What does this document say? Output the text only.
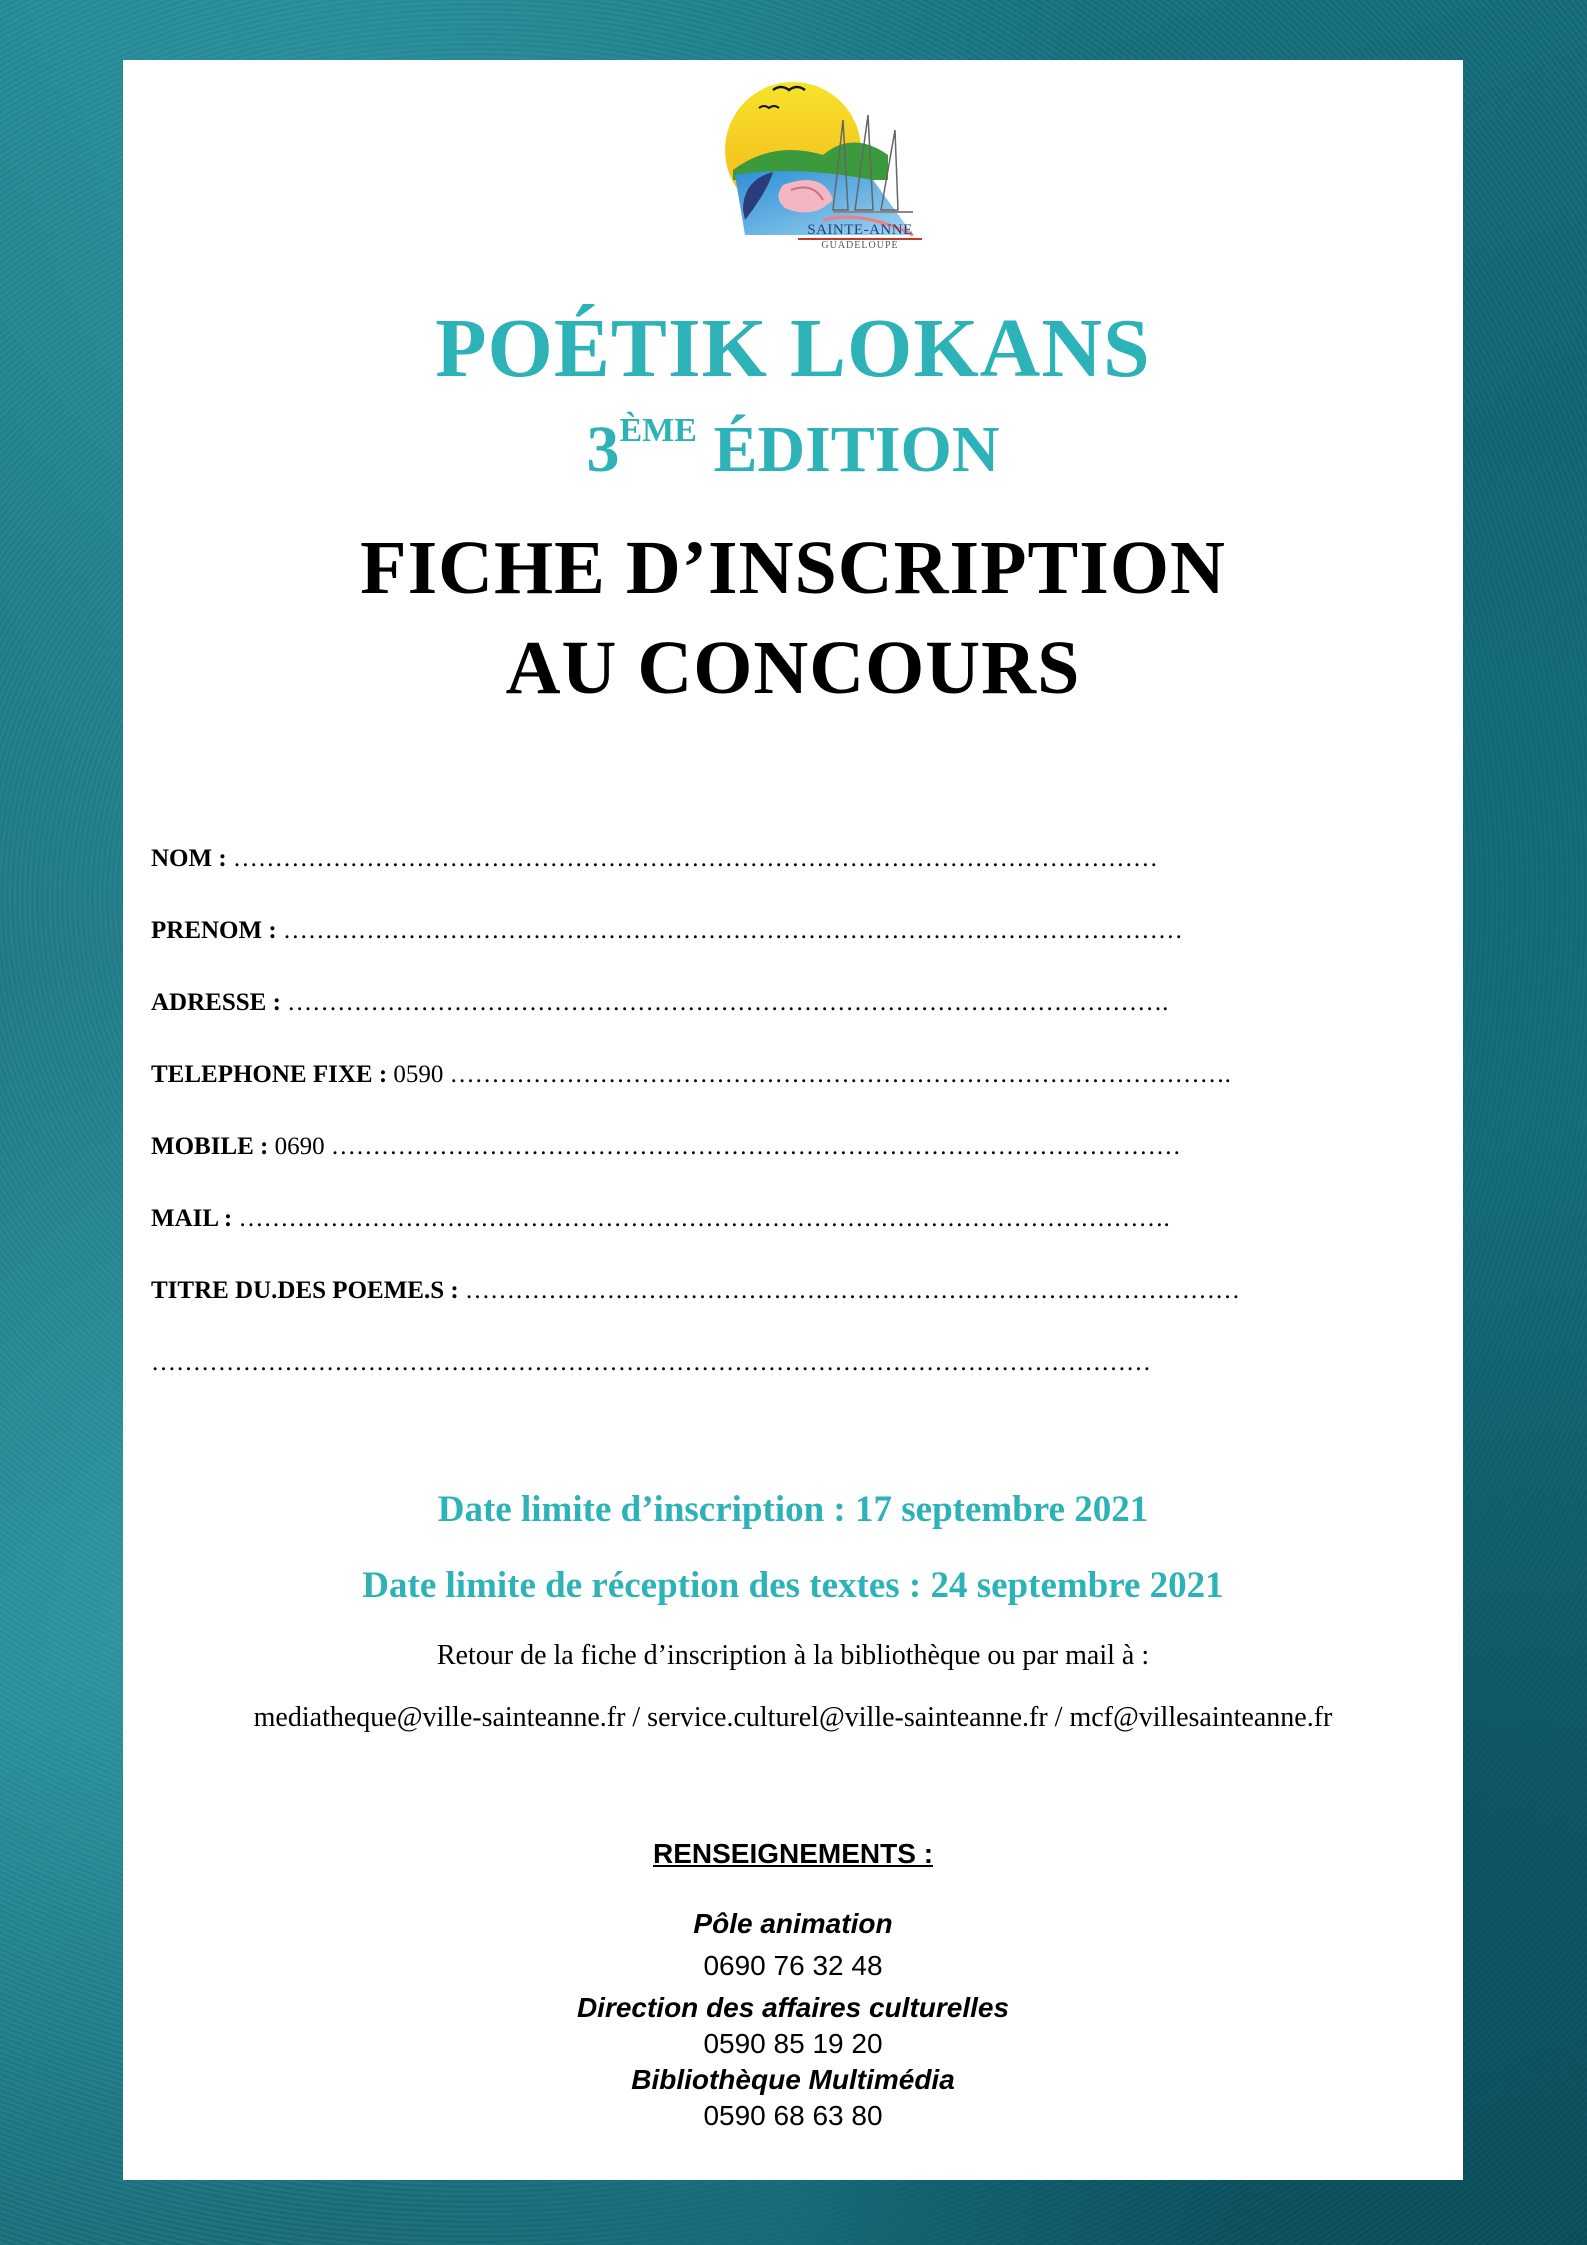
SAINTE-ANNE
GUADELOUPE
POÉTIK LOKANS
3ÈME ÉDITION
FICHE D’INSCRIPTION
AU CONCOURS
NOM : …………………………………………………………………………………………………
PRENOM : ………………………………………………………………………………………………
ADRESSE : …………………………………………………………………………………………….
TELEPHONE FIXE : 0590 ………………………………………………………………………………….
MOBILE : 0690 …………………………………………………………………………………………
MAIL : ………………………………………………………………………………………………….
TITRE DU.DES POEME.S : …………………………………………………………………………………
…………………………………………………………………………………………………………
Date limite d’inscription : 17 septembre 2021
Date limite de réception des textes : 24 septembre 2021
Retour de la fiche d’inscription à la bibliothèque ou par mail à :
mediatheque@ville-sainteanne.fr / service.culturel@ville-sainteanne.fr / mcf@villesainteanne.fr
RENSEIGNEMENTS :
Pôle animation
0690 76 32 48
Direction des affaires culturelles
0590 85 19 20
Bibliothèque Multimédia
0590 68 63 80
